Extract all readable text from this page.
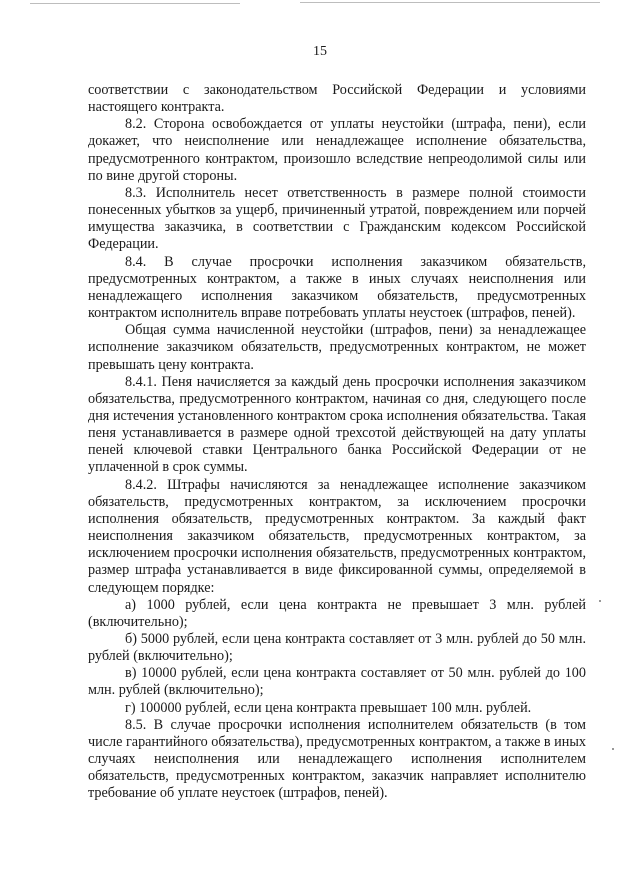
15

соответствии с законодательством Российской Федерации и условиями настоящего контракта.

8.2. Сторона освобождается от уплаты неустойки (штрафа, пени), если докажет, что неисполнение или ненадлежащее исполнение обязательства, предусмотренного контрактом, произошло вследствие непреодолимой силы или по вине другой стороны.

8.3. Исполнитель несет ответственность в размере полной стоимости понесенных убытков за ущерб, причиненный утратой, повреждением или порчей имущества заказчика, в соответствии с Гражданским кодексом Российской Федерации.

8.4. В случае просрочки исполнения заказчиком обязательств, предусмотренных контрактом, а также в иных случаях неисполнения или ненадлежащего исполнения заказчиком обязательств, предусмотренных контрактом исполнитель вправе потребовать уплаты неустоек (штрафов, пеней).

Общая сумма начисленной неустойки (штрафов, пени) за ненадлежащее исполнение заказчиком обязательств, предусмотренных контрактом, не может превышать цену контракта.

8.4.1. Пеня начисляется за каждый день просрочки исполнения заказчиком обязательства, предусмотренного контрактом, начиная со дня, следующего после дня истечения установленного контрактом срока исполнения обязательства. Такая пеня устанавливается в размере одной трехсотой действующей на дату уплаты пеней ключевой ставки Центрального банка Российской Федерации от не уплаченной в срок суммы.

8.4.2. Штрафы начисляются за ненадлежащее исполнение заказчиком обязательств, предусмотренных контрактом, за исключением просрочки исполнения обязательств, предусмотренных контрактом. За каждый факт неисполнения заказчиком обязательств, предусмотренных контрактом, за исключением просрочки исполнения обязательств, предусмотренных контрактом, размер штрафа устанавливается в виде фиксированной суммы, определяемой в следующем порядке:

а) 1000 рублей, если цена контракта не превышает 3 млн. рублей (включительно);

б) 5000 рублей, если цена контракта составляет от 3 млн. рублей до 50 млн. рублей (включительно);

в) 10000 рублей, если цена контракта составляет от 50 млн. рублей до 100 млн. рублей (включительно);

г) 100000 рублей, если цена контракта превышает 100 млн. рублей.

8.5. В случае просрочки исполнения исполнителем обязательств (в том числе гарантийного обязательства), предусмотренных контрактом, а также в иных случаях неисполнения или ненадлежащего исполнения исполнителем обязательств, предусмотренных контрактом, заказчик направляет исполнителю требование об уплате неустоек (штрафов, пеней).
